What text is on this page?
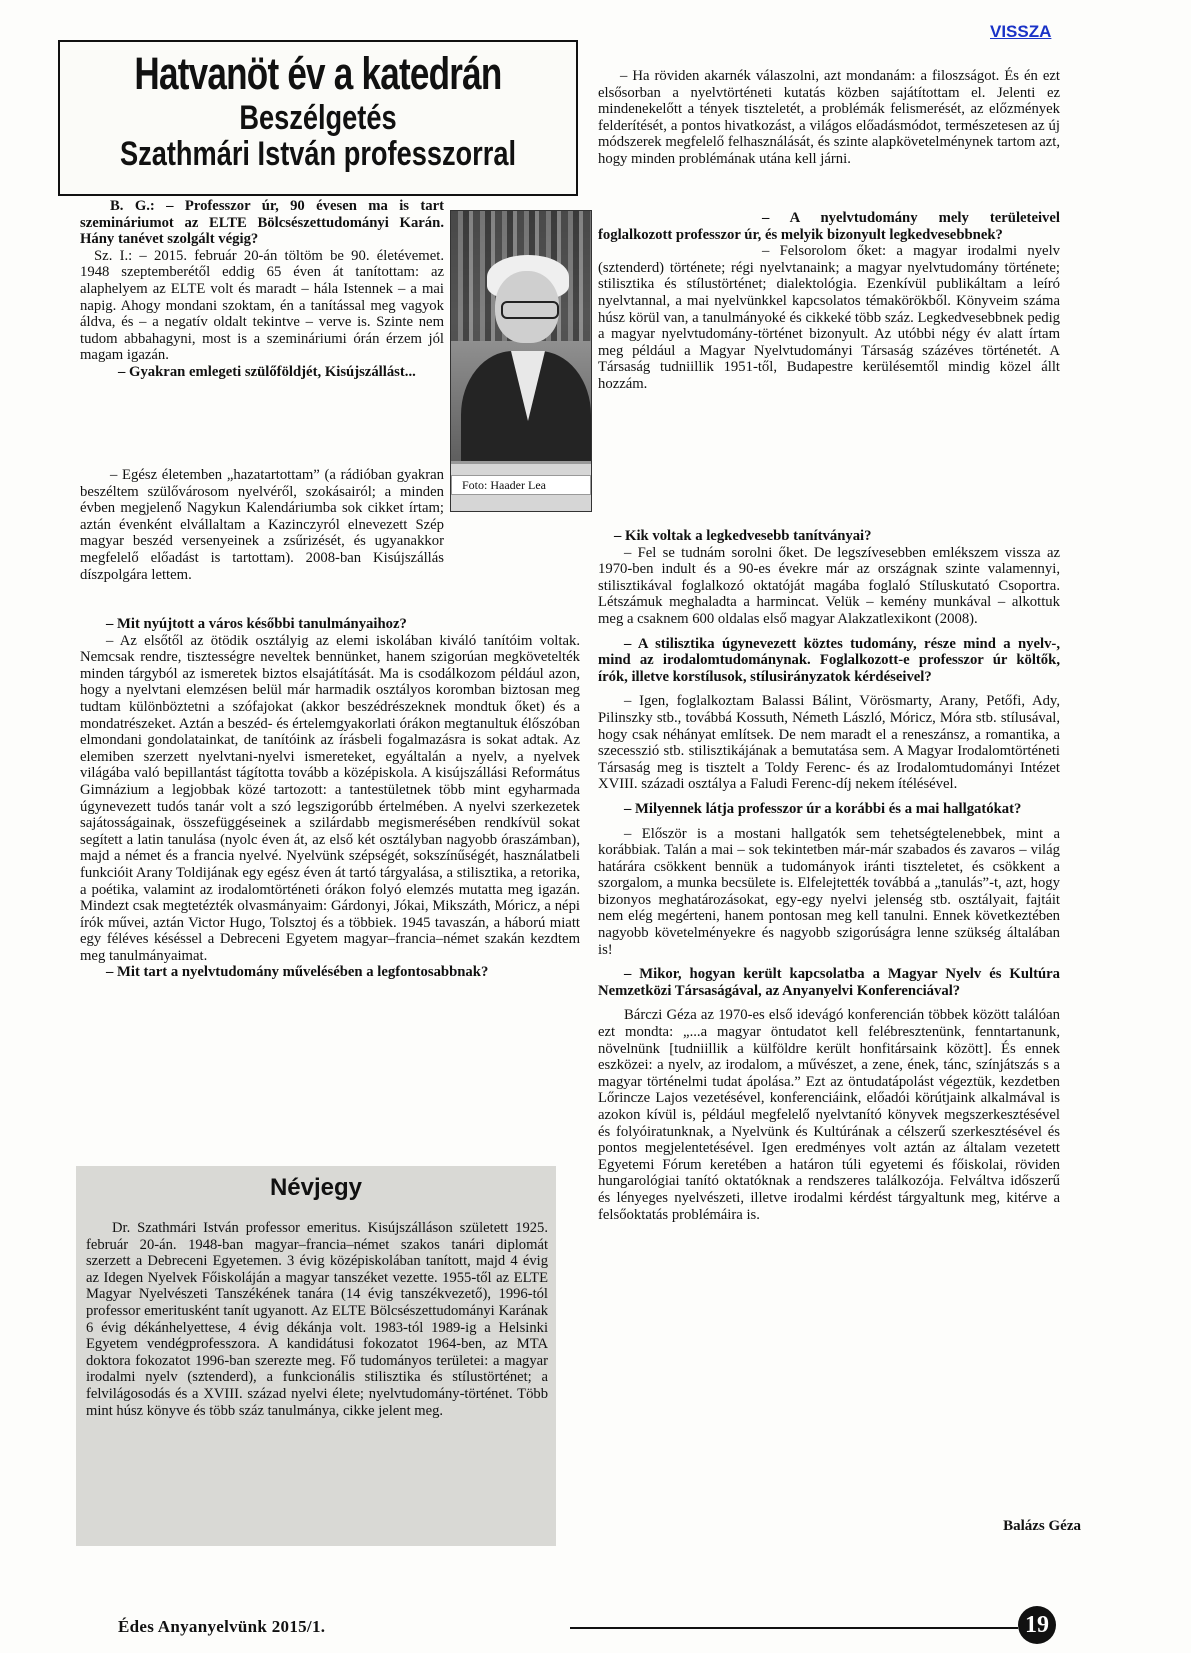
VISSZA
Hatvanöt év a katedrán
Beszélgetés
Szathmári István professzorral

B. G.: – Professzor úr, 90 évesen ma is tart szemináriumot az ELTE Bölcsészettudományi Karán. Hány tanévet szolgált végig?

Sz. I.: – 2015. február 20-án töltöm be 90. életévemet. 1948 szeptemberétől eddig 65 éven át tanítottam: az alaphelyem az ELTE volt és maradt – hála Istennek – a mai napig. Ahogy mondani szoktam, én a tanítással meg vagyok áldva, és – a negatív oldalt tekintve – verve is. Szinte nem tudom abbahagyni, most is a szemináriumi órán érzem jól magam igazán.

– Gyakran emlegeti szülőföldjét, Kisújszállást...

Foto: Haader Lea

– Egész életemben „hazatartottam” (a rádióban gyakran beszéltem szülővárosom nyelvéről, szokásairól; a minden évben megjelenő Nagykun Kalendáriumba sok cikket írtam; aztán évenként elvállaltam a Kazinczyról elnevezett Szép magyar beszéd versenyeinek a zsűrizését, és ugyanakkor megfelelő előadást is tartottam). 2008-ban Kisújszállás díszpolgára lettem.

– Ha röviden akarnék válaszolni, azt mondanám: a filoszságot. És én ezt elsősorban a nyelvtörténeti kutatás közben sajátítottam el. Jelenti ez mindenekelőtt a tények tiszteletét, a problémák felismerését, az előzmények felderítését, a pontos hivatkozást, a világos előadásmódot, természetesen az új módszerek megfelelő felhasználását, és szinte alapkövetelménynek tartom azt, hogy minden problémának utána kell járni.

– A nyelvtudomány mely területeivel foglalkozott professzor úr, és melyik bizonyult legkedvesebbnek?

– Felsorolom őket: a magyar irodalmi nyelv (sztenderd) története; régi nyelvtanaink; a magyar nyelvtudomány története; stilisztika és stílustörténet; dialektológia. Ezenkívül publikáltam a leíró nyelvtannal, a mai nyelvünkkel kapcsolatos témakörökből. Könyveim száma húsz körül van, a tanulmányoké és cikkeké több száz. Legkedvesebbnek pedig a magyar nyelvtudomány-történet bizonyult. Az utóbbi négy év alatt írtam meg például a Magyar Nyelvtudományi Társaság százéves történetét. A Társaság tudniillik 1951-től, Budapestre kerülésemtől mindig közel állt hozzám.

– Mit nyújtott a város későbbi tanulmányaihoz?

– Az elsőtől az ötödik osztályig az elemi iskolában kiváló tanítóim voltak. Nemcsak rendre, tisztességre neveltek bennünket, hanem szigorúan megkövetelték minden tárgyból az ismeretek biztos elsajátítását. Ma is csodálkozom például azon, hogy a nyelvtani elemzésen belül már harmadik osztályos koromban biztosan meg tudtam különböztetni a szófajokat (akkor beszédrészeknek mondtuk őket) és a mondatrészeket. Aztán a beszéd- és értelemgyakorlati órákon megtanultuk élőszóban elmondani gondolatainkat, de tanítóink az írásbeli fogalmazásra is sokat adtak. Az elemiben szerzett nyelvtani-nyelvi ismereteket, egyáltalán a nyelv, a nyelvek világába való bepillantást tágította tovább a középiskola. A kisújszállási Református Gimnázium a legjobbak közé tartozott: a tantestületnek több mint egyharmada úgynevezett tudós tanár volt a szó legszigorúbb értelmében. A nyelvi szerkezetek sajátosságainak, összefüggéseinek a szilárdabb megismerésében rendkívül sokat segített a latin tanulása (nyolc éven át, az első két osztályban nagyobb óraszámban), majd a német és a francia nyelvé. Nyelvünk szépségét, sokszínűségét, használatbeli funkcióit Arany Toldijának egy egész éven át tartó tárgyalása, a stilisztika, a retorika, a poétika, valamint az irodalomtörténeti órákon folyó elemzés mutatta meg igazán. Mindezt csak megtetézték olvasmányaim: Gárdonyi, Jókai, Mikszáth, Móricz, a népi írók művei, aztán Victor Hugo, Tolsztoj és a többiek. 1945 tavaszán, a háború miatt egy féléves késéssel a Debreceni Egyetem magyar–francia–német szakán kezdtem meg tanulmányaimat.

– Mit tart a nyelvtudomány művelésében a legfontosabbnak?

– Kik voltak a legkedvesebb tanítványai?

– Fel se tudnám sorolni őket. De legszívesebben emlékszem vissza az 1970-ben indult és a 90-es évekre már az országnak szinte valamennyi, stilisztikával foglalkozó oktatóját magába foglaló Stíluskutató Csoportra. Létszámuk meghaladta a harmincat. Velük – kemény munkával – alkottuk meg a csaknem 600 oldalas első magyar Alakzatlexikont (2008).

– A stilisztika úgynevezett köztes tudomány, része mind a nyelv-, mind az irodalomtudománynak. Foglalkozott-e professzor úr költők, írók, illetve korstílusok, stílusirányzatok kérdéseivel?

– Igen, foglalkoztam Balassi Bálint, Vörösmarty, Arany, Petőfi, Ady, Pilinszky stb., továbbá Kossuth, Németh László, Móricz, Móra stb. stílusával, hogy csak néhányat említsek. De nem maradt el a reneszánsz, a romantika, a szecesszió stb. stilisztikájának a bemutatása sem. A Magyar Irodalomtörténeti Társaság meg is tisztelt a Toldy Ferenc- és az Irodalomtudományi Intézet XVIII. századi osztálya a Faludi Ferenc-díj nekem ítélésével.

– Milyennek látja professzor úr a korábbi és a mai hallgatókat?

– Először is a mostani hallgatók sem tehetségtelenebbek, mint a korábbiak. Talán a mai – sok tekintetben már-már szabados és zavaros – világ határára csökkent bennük a tudományok iránti tiszteletet, és csökkent a szorgalom, a munka becsülete is. Elfelejtették továbbá a „tanulás”-t, azt, hogy bizonyos meghatározásokat, egy-egy nyelvi jelenség stb. osztályait, fajtáit nem elég megérteni, hanem pontosan meg kell tanulni. Ennek következtében nagyobb követelményekre és nagyobb szigorúságra lenne szükség általában is!

– Mikor, hogyan került kapcsolatba a Magyar Nyelv és Kultúra Nemzetközi Társaságával, az Anyanyelvi Konferenciával?

Bárczi Géza az 1970-es első idevágó konferencián többek között találóan ezt mondta: „...a magyar öntudatot kell felébresztenünk, fenntartanunk, növelnünk [tudniillik a külföldre került honfitársaink között]. És ennek eszközei: a nyelv, az irodalom, a művészet, a zene, ének, tánc, színjátszás s a magyar történelmi tudat ápolása.” Ezt az öntudatápolást végeztük, kezdetben Lőrincze Lajos vezetésével, konferenciáink, előadói körútjaink alkalmával is azokon kívül is, például megfelelő nyelvtanító könyvek megszerkesztésével és folyóiratunknak, a Nyelvünk és Kultúrának a célszerű szerkesztésével és pontos megjelentetésével. Igen eredményes volt aztán az általam vezetett Egyetemi Fórum keretében a határon túli egyetemi és főiskolai, röviden hungarológiai tanító oktatóknak a rendszeres találkozója. Felváltva időszerű és lényeges nyelvészeti, illetve irodalmi kérdést tárgyaltunk meg, kitérve a felsőoktatás problémáira is.

Névjegy
Dr. Szathmári István professor emeritus. Kisújszálláson született 1925. február 20-án. 1948-ban magyar–francia–német szakos tanári diplomát szerzett a Debreceni Egyetemen. 3 évig középiskolában tanított, majd 4 évig az Idegen Nyelvek Főiskoláján a magyar tanszéket vezette. 1955-től az ELTE Magyar Nyelvészeti Tanszékének tanára (14 évig tanszékvezető), 1996-tól professor emeritusként tanít ugyanott. Az ELTE Bölcsészettudományi Karának 6 évig dékánhelyettese, 4 évig dékánja volt. 1983-tól 1989-ig a Helsinki Egyetem vendégprofesszora. A kandidátusi fokozatot 1964-ben, az MTA doktora fokozatot 1996-ban szerezte meg. Fő tudományos területei: a magyar irodalmi nyelv (sztenderd), a funkcionális stilisztika és stílustörténet; a felvilágosodás és a XVIII. század nyelvi élete; nyelvtudomány-történet. Több mint húsz könyve és több száz tanulmánya, cikke jelent meg.
Balázs Géza
Édes Anyanyelvünk 2015/1.	19
